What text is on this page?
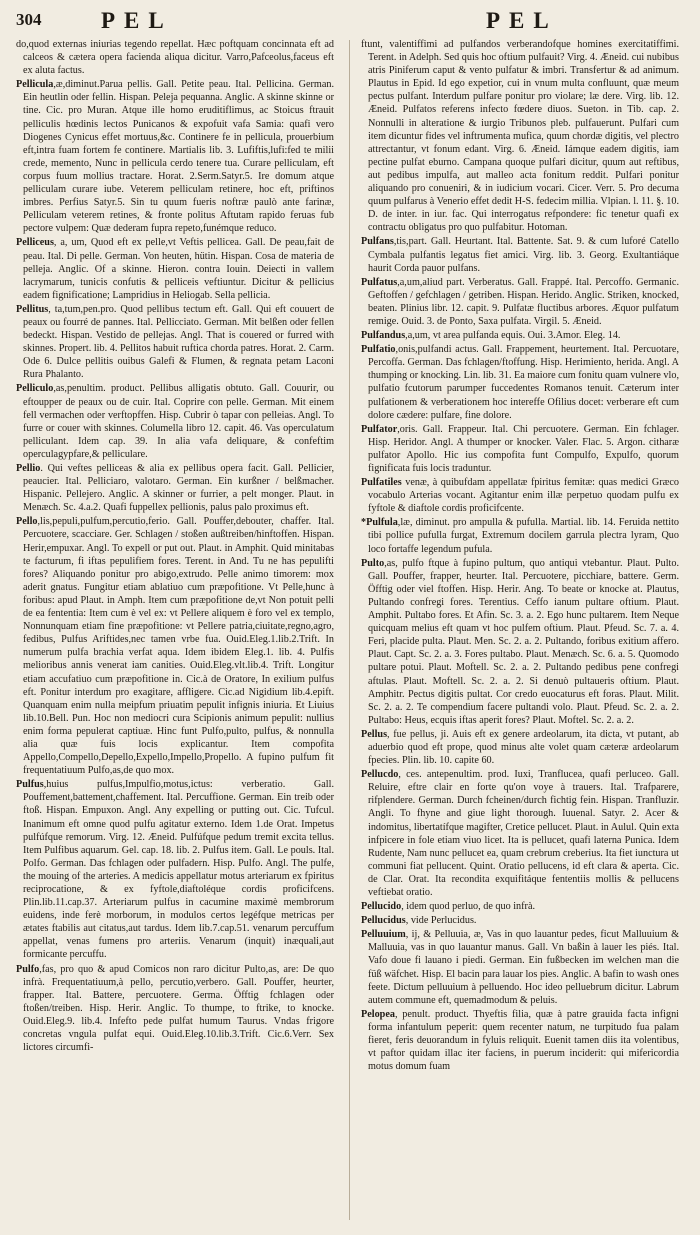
304	PEL	PEL

do,quod externas iniurias tegendo repellat. Hæc poftquam concinnata eft ad calceos & cætera opera facienda aliqua dicitur. Varro,Pafceolus,faceus eft ex aluta factus.

Pellicula,æ,diminut.Parua pellis. Gall. Petite peau. Ital. Pellicina. German. Ein heutlin oder fellin. Hispan. Peleja pequanna. Anglic. A skinne skinne or tine. Cic. pro Muran. Atque ille homo eruditiflimus, ac Stoicus ftrauit pelliculis hœdinis lectos Punicanos & expofuit vafa Samia: quafi vero Diogenes Cynicus effet mortuus,&c. Continere fe in pellicula, prouerbium eft,intra fuam fortem fe continere. Martialis lib. 3. Lufiftis,lufi:fed te milii crede, memento, Nunc in pellicula cerdo tenere tua. Curare pelliculam, eft corpus fuum mollius tractare. Horat. 2.Serm.Satyr.5. Ire domum atque pelliculam curare iube. Veterem pelliculam retinere, hoc eft, priftinos imbres. Perfius Satyr.5. Sin tu quum fueris noftræ paulò ante farinæ, Pelliculam veterem retines, & fronte politus Aftutam rapido feruas fub pectore vulpem: Quæ dederam fupra repeto,funémque reduco.

Pelliceus, a, um, Quod eft ex pelle,vt Veftis pellicea. Gall. De peau,fait de peau. Ital. Di pelle. German. Von heuten, hütin. Hispan. Cosa de materia de pelleja. Anglic. Of a skinne. Hieron. contra Iouin. Deiecti in vallem lacrymarum, tunicis confutis & pelliceis veftiuntur. Dicitur & pellicius eadem fignificatione; Lampridius in Heliogab. Sella pellicia.

Pellitus, ta,tum,pen.pro. Quod pellibus tectum eft. Gall. Qui eft couuert de peaux ou fourré de pannes. Ital. Pellicciato. German. Mit belßen oder fellen bedeckt. Hispan. Vestido de pellejas. Angl. That is couered or furred with skinnes. Propert. lib. 4. Pellitos habuit ruftica chorda patres. Horat. 2. Carm. Ode 6. Dulce pellitis ouibus Galefi & Flumen, & regnata petam Laconi Rura Phalanto.

Pelliculo,as,penultim. product. Pellibus alligatis obtuto. Gall. Couurir, ou eftoupper de peaux ou de cuir. Ital. Coprire con pelle. German. Mit einem fell vermachen oder verftopffen. Hisp. Cubrir ò tapar con pelleias. Angl. To furre or couer with skinnes. Columella libro 12. capit. 46. Vas operculatum pelliculant. Idem cap. 39. In alia vafa deliquare, & confeftim operculagypfare,& pelliculare.

Pellio. Qui veftes pelliceas & alia ex pellibus opera facit. Gall. Pellicier, peaucier. Ital. Pelliciaro, valotaro. German. Ein kurßner / belßmacher. Hispanic. Pellejero. Anglic. A skinner or furrier, a pelt monger. Plaut. in Menæch. Sc. 4.a.2. Quafi fuppellex pellionis, palus palo proximus eft.

Pello,lis,pepuli,pulfum,percutio,ferio. Gall. Pouffer,debouter, chaffer. Ital. Percuotere, scacciare. Ger. Schlagen / stoßen außtreiben/hinftoffen. Hispan. Herir,empuxar. Angl. To expell or put out. Plaut. in Amphit. Quid minitabas te facturum, fi iftas pepulifiem fores. Terent. in And. Tu ne has pepulifti fores? Aliquando ponitur pro abigo,extrudo. Pelle animo timorem: mox aderit gnatus. Fungitur etiam ablatiuo cum præpofitione. Vt Pelle,hunc à foribus: apud Plaut. in Amph. Item cum præpofitione de,vt Non potuit pelli de ea fententia: Item cum è vel ex: vt Pellere aliquem è foro vel ex templo, Nonnunquam etiam fine præpofitione: vt Pellere patria,ciuitate,regno,agro, fedibus, Pulfus Ariftides,nec tamen vrbe fua. Ouid.Eleg.1.lib.2.Trift. In numerum pulfa brachia verfat aqua. Idem ibidem Eleg.1. lib. 4. Pulfis melioribus annis venerat iam canities. Ouid.Eleg.vlt.lib.4. Trift. Longitur etiam accufatiuo cum præpofitione in. Cic.à de Oratore, In exilium pulfus eft. Ponitur interdum pro exagitare, affligere. Cic.ad Nigidium lib.4.epift. Quanquam enim nulla meipfum priuatim pepulit infignis iniuria. Et Liuius lib.10.Bell. Pun. Hoc non mediocri cura Scipionis animum pepulit: nullius enim forma pepulerat captiuæ. Hinc funt Pulfo,pulto, pulfus, & nonnulla alia quæ fuis locis explicantur. Item compofita Appello,Compello,Depello,Expello,Impello,Propello. A fupino pulfum fit frequentatiuum Pulfo,as,de quo mox.

Pulfus,huius pulfus,Impulfio,motus,ictus: verberatio. Gall. Pouffement,battement,chaffement. Ital. Percuffione. German. Ein treib oder ftoß. Hispan. Empuxon. Angl. Any expelling or putting out. Cic. Tufcul. Inanimum eft omne quod pulfu agitatur externo. Idem 1.de Orat. Impetus pulfúfque remorum. Virg. 12. Æneid. Pulfúfque pedum tremit excita tellus. Item Pulfibus aquarum. Gel. cap. 18. lib. 2. Pulfus item. Gall. Le pouls. Ital. Polfo. German. Das fchlagen oder pulfadern. Hisp. Pulfo. Angl. The pulfe, the mouing of the arteries. A medicis appellatur motus arteriarum ex fpiritus reciprocatione, & ex fyftole,diaftoléque cordis proficifcens. Plin.lib.11.cap.37. Arteriarum pulfus in cacumine maximè membrorum euidens, inde ferè morborum, in modulos certos legéfque metricas per ætates ftabilis aut citatus,aut tardus. Idem lib.7.cap.51. venarum percuffum appellat, venas fumens pro arteriis. Venarum (inquit) inæquali,aut formicante percuffu.

Pulfo,fas, pro quo & apud Comicos non raro dicitur Pulto,as, are: De quo infrà. Frequentatiuum,à pello, percutio,verbero. Gall. Pouffer, heurter, frapper. Ital. Battere, percuotere. Germa. Öfftig fchlagen oder ftoßen/treiben. Hisp. Herir. Anglic. To thumpe, to ftrike, to knocke. Ouid.Eleg.9. lib.4. Infefto pede pulfat humum Taurus. Vndas frigore concretas vngula pulfat equi. Ouid.Eleg.10.lib.3.Trift. Cic.6.Verr. Sex lictores circumfi-

ftunt, valentiffimi ad pulfandos verberandofque homines exercitatiffimi. Terent. in Adelph. Sed quis hoc oftium pulfauit? Virg. 4. Æneid. cui nubibus atris Piniferum caput & vento pulfatur & imbri. Transfertur & ad animum. Plautus in Epid. Id ego expetior, cui in vnum multa confluunt, quæ meum pectus pulfant. Interdum pulfare ponitur pro violare; læ dere. Virg. lib. 12. Æneid. Pulfatos referens infecto fœdere diuos. Sueton. in Tib. cap. 2. Nonnulli in alteratione & iurgio Tribunos pleb. pulfauerunt. Pulfari cum item dicuntur fides vel inftrumenta mufica, quum chordæ digitis, vel plectro attrectantur, vt fonum edant. Virg. 6. Æneid. Iámque eadem digitis, iam pectine pulfat eburno. Campana quoque pulfari dicitur, quum aut reftibus, aut pedibus impulfa, aut malleo acta fonitum reddit. Pulfari ponitur aliquando pro conueniri, & in iudicium vocari. Cicer. Verr. 5. Pro decuma quum pulfarus à Venerio effet dedit H-S. fedecim millia. Vlpian. l. 11. §. 10. D. de inter. in iur. fac. Qui interrogatus refpondere: fic tenetur quafi ex contractu obligatus pro quo pulfabitur. Hotoman.

Pulfans,tis,part. Gall. Heurtant. Ital. Battente. Sat. 9. & cum luforé Catello Cymbala pulfantis legatus fiet amici. Virg. lib. 3. Georg. Exultantiáque haurit Corda pauor pulfans.

Pulfatus,a,um,aliud part. Verberatus. Gall. Frappé. Ital. Percoffo. Germanic. Geftoffen / gefchlagen / getriben. Hispan. Herido. Anglic. Striken, knocked, beaten. Plinius libr. 12. capit. 9. Pulfatæ fluctibus arbores. Æquor pulfatum remige. Ouid. 3. de Ponto, Saxa pulfata. Virgil. 5. Æneid.

Pulfandus,a,um, vt area pulfanda equis. Oui. 3.Amor. Eleg. 14.

Pulfatio,onis,pulfandi actus. Gall. Frappement, heurtement. Ital. Percuotare, Percoffa. German. Das fchlagen/ftoffung. Hisp. Herimiento, herida. Angl. A thumping or knocking. Lin. lib. 31. Ea maiore cum fonitu quam vulnere vlo, pulfatio fcutorum parumper fuccedentes Romanos tenuit. Cæterum inter pulfationem & verberationem hoc intereffe Ofilius docet: verberare eft cum dolore cædere: pulfare, fine dolore.

Pulfator,oris. Gall. Frappeur. Ital. Chi percuotere. German. Ein fchlager. Hisp. Heridor. Angl. A thumper or knocker. Valer. Flac. 5. Argon. citharæ pulfator Apollo. Hic ius compofita funt Compulfo, Expulfo, quorum fignificata fuis locis traduntur.

Pulfatiles venæ, à quibufdam appellatæ fpiritus femitæ: quas medici Græco vocabulo Arterias vocant. Agitantur enim illæ perpetuo quodam pulfu ex fyftole & diaftole cordis proficifcente.

*Pulfula,læ, diminut. pro ampulla & pufulla. Martial. lib. 14. Feruida nettito tibi pollice pufulla furgat, Extremum docilem garrula plectra lyram, Quo loco fortaffe legendum pufula.

Pulto,as, pulfo ftque à fupino pultum, quo antiqui vtebantur. Plaut. Pulto. Gall. Pouffer, frapper, heurter. Ital. Percuotere, picchiare, battere. Germ. Öfftig oder viel ftoffen. Hisp. Herir. Ang. To beate or knocke at. Plautus, Pultando confregi fores. Terentius. Ceffo ianum pultare oftium. Plaut. Amphit. Pultabo fores. Et Afin. Sc. 3. a. 2. Ego hunc pultarem. Item Neque quicquam melius eft quam vt hoc pulfem oftium. Plaut. Pfeud. Sc. 7. a. 4. Feri, placide pulta. Plaut. Men. Sc. 2. a. 2. Pultando, foribus exitium affero. Plaut. Capt. Sc. 2. a. 3. Fores pultabo. Plaut. Menæch. Sc. 6. a. 5. Quomodo pultare potui. Plaut. Moftell. Sc. 2. a. 2. Pultando pedibus pene confregi aftulas. Plaut. Moftell. Sc. 2. a. 2. Si denuò pultaueris oftium. Plaut. Amphitr. Pectus digitis pultat. Cor credo euocaturus eft foras. Plaut. Milit. Sc. 2. a. 2. Te compendium facere pultandi volo. Plaut. Pfeud. Sc. 2. a. 2. Pultabo: Heus, ecquis iftas aperit fores? Plaut. Moftel. Sc. 2. a. 2.

Pellus, fue pellus, ji. Auis eft ex genere ardeolarum, ita dicta, vt putant, ab aduerbio quod eft prope, quod minus alte volet quam cæteræ ardeolarum fpecies. Plin. lib. 10. capite 60.

Pellucdo, ces. antepenultim. prod. Iuxi, Tranflucea, quafi perluceo. Gall. Reluire, eftre clair en forte qu'on voye à trauers. Ital. Trafparere, rifplendere. German. Durch fcheinen/durch fichtig fein. Hispan. Tranfluzir. Angli. To fhyne and giue light thorough. Iuuenal. Satyr. 2. Acer & indomitus, libertatífque magifter, Cretice pellucet. Plaut. in Aulul. Quin exta infpicere in fole etiam viuo licet. Ita is pellucet, quafi laterna Punica. Idem Rudente, Nam nunc pellucet ea, quam crebrum creberius. Ita fiet iunctura ut communi fiat pellucent. Quint. Oratio pellucens, id eft clara & aperta. Cic. de Clar. Orat. Ita recondita exquifitáque fententiis mollis & pellucens veftiebat oratio.

Pellucido, idem quod perluo, de quo infrà.

Pellucidus, vide Perlucidus.

Pelluuium, ij, & Pelluuia, æ, Vas in quo lauantur pedes, ficut Malluuium & Malluuia, vas in quo lauantur manus. Gall. Vn baßin à lauer les piés. Ital. Vafo doue fi lauano i piedi. German. Ein fußbecken im welchen man die füß wäfchet. Hisp. El bacin para lauar los pies. Anglic. A bafin to wash ones feete. Dictum pelluuium à pelluendo. Hoc ideo pelluebrum dicitur. Labrum autem commune eft, quemadmodum & peluis.

Pelopea, penult. product. Thyeftis filia, quæ à patre grauida facta infigni forma infantulum peperit: quem recenter natum, ne turpitudo fua palam fieret, feris deuorandum in fyluis reliquit. Euenit tamen diis ita volentibus, vt paftor quidam illac iter faciens, in puerum inciderit: qui mifericordia motus domum fuam
